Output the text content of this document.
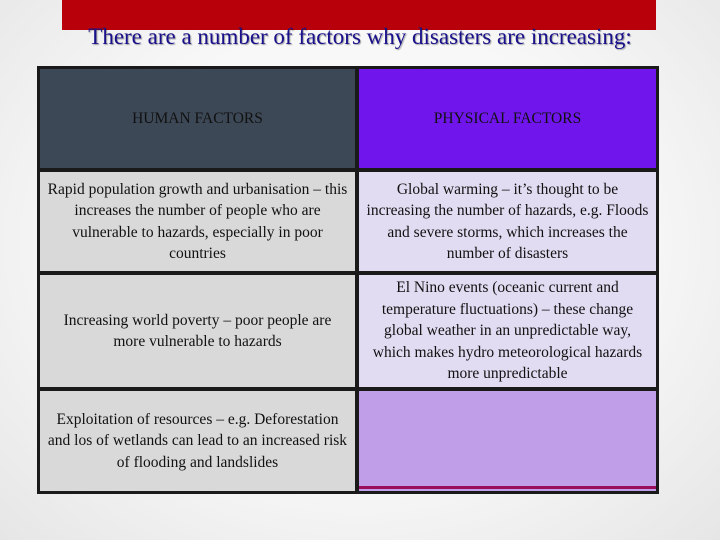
There are a number of factors why disasters are increasing:
HUMAN FACTORS	PHYSICAL FACTORS
Rapid population growth and urbanisation – this increases the number of people who are vulnerable to hazards, especially in poor countries
Global warming – it’s thought to be increasing the number of hazards, e.g. Floods and severe storms, which increases the number of disasters
Increasing world poverty – poor people are more vulnerable to hazards
El Nino events (oceanic current and temperature fluctuations) – these change global weather in an unpredictable way, which makes hydro meteorological hazards more unpredictable
Exploitation of resources – e.g. Deforestation and los of wetlands can lead to an increased risk of flooding and landslides
